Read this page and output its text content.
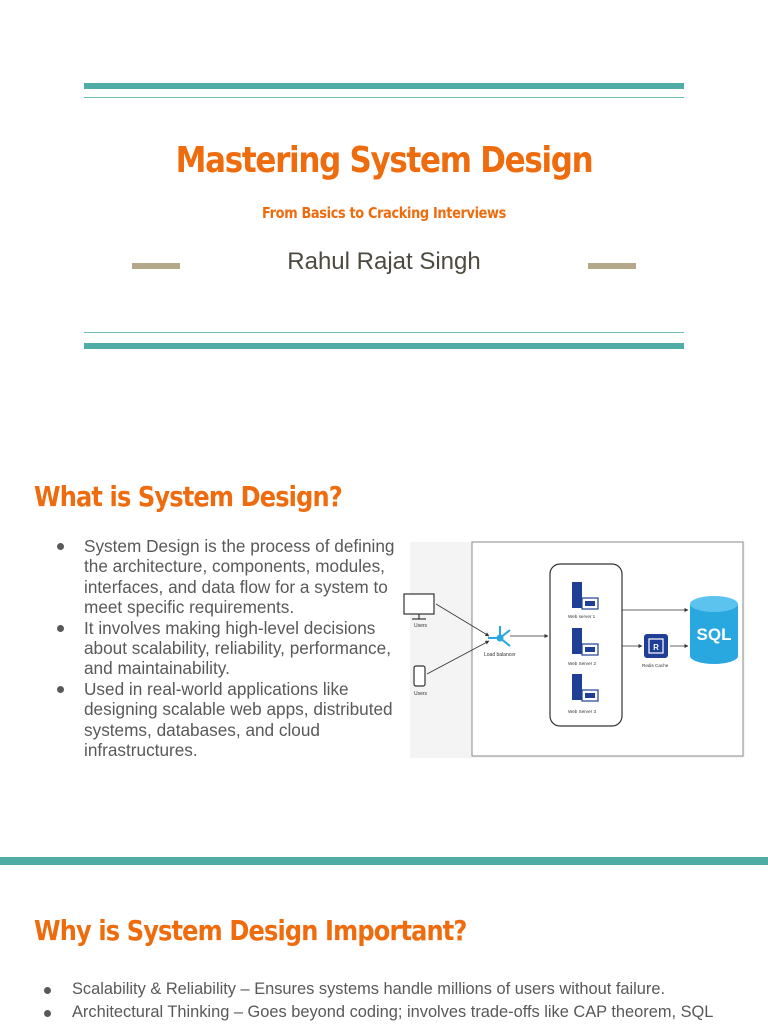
Mastering System Design
From Basics to Cracking Interviews
Rahul Rajat Singh
What is System Design?
System Design is the process of defining the architecture, components, modules, interfaces, and data flow for a system to meet specific requirements.
It involves making high-level decisions about scalability, reliability, performance, and maintainability.
Used in real-world applications like designing scalable web apps, distributed systems, databases, and cloud infrastructures.
Users
Users
Load balancer
Web server 1
Web Server 2
Web Server 3
R
Redis Cache
SQL
Why is System Design Important?
Scalability & Reliability – Ensures systems handle millions of users without failure.
Architectural Thinking – Goes beyond coding; involves trade-offs like CAP theorem, SQL
